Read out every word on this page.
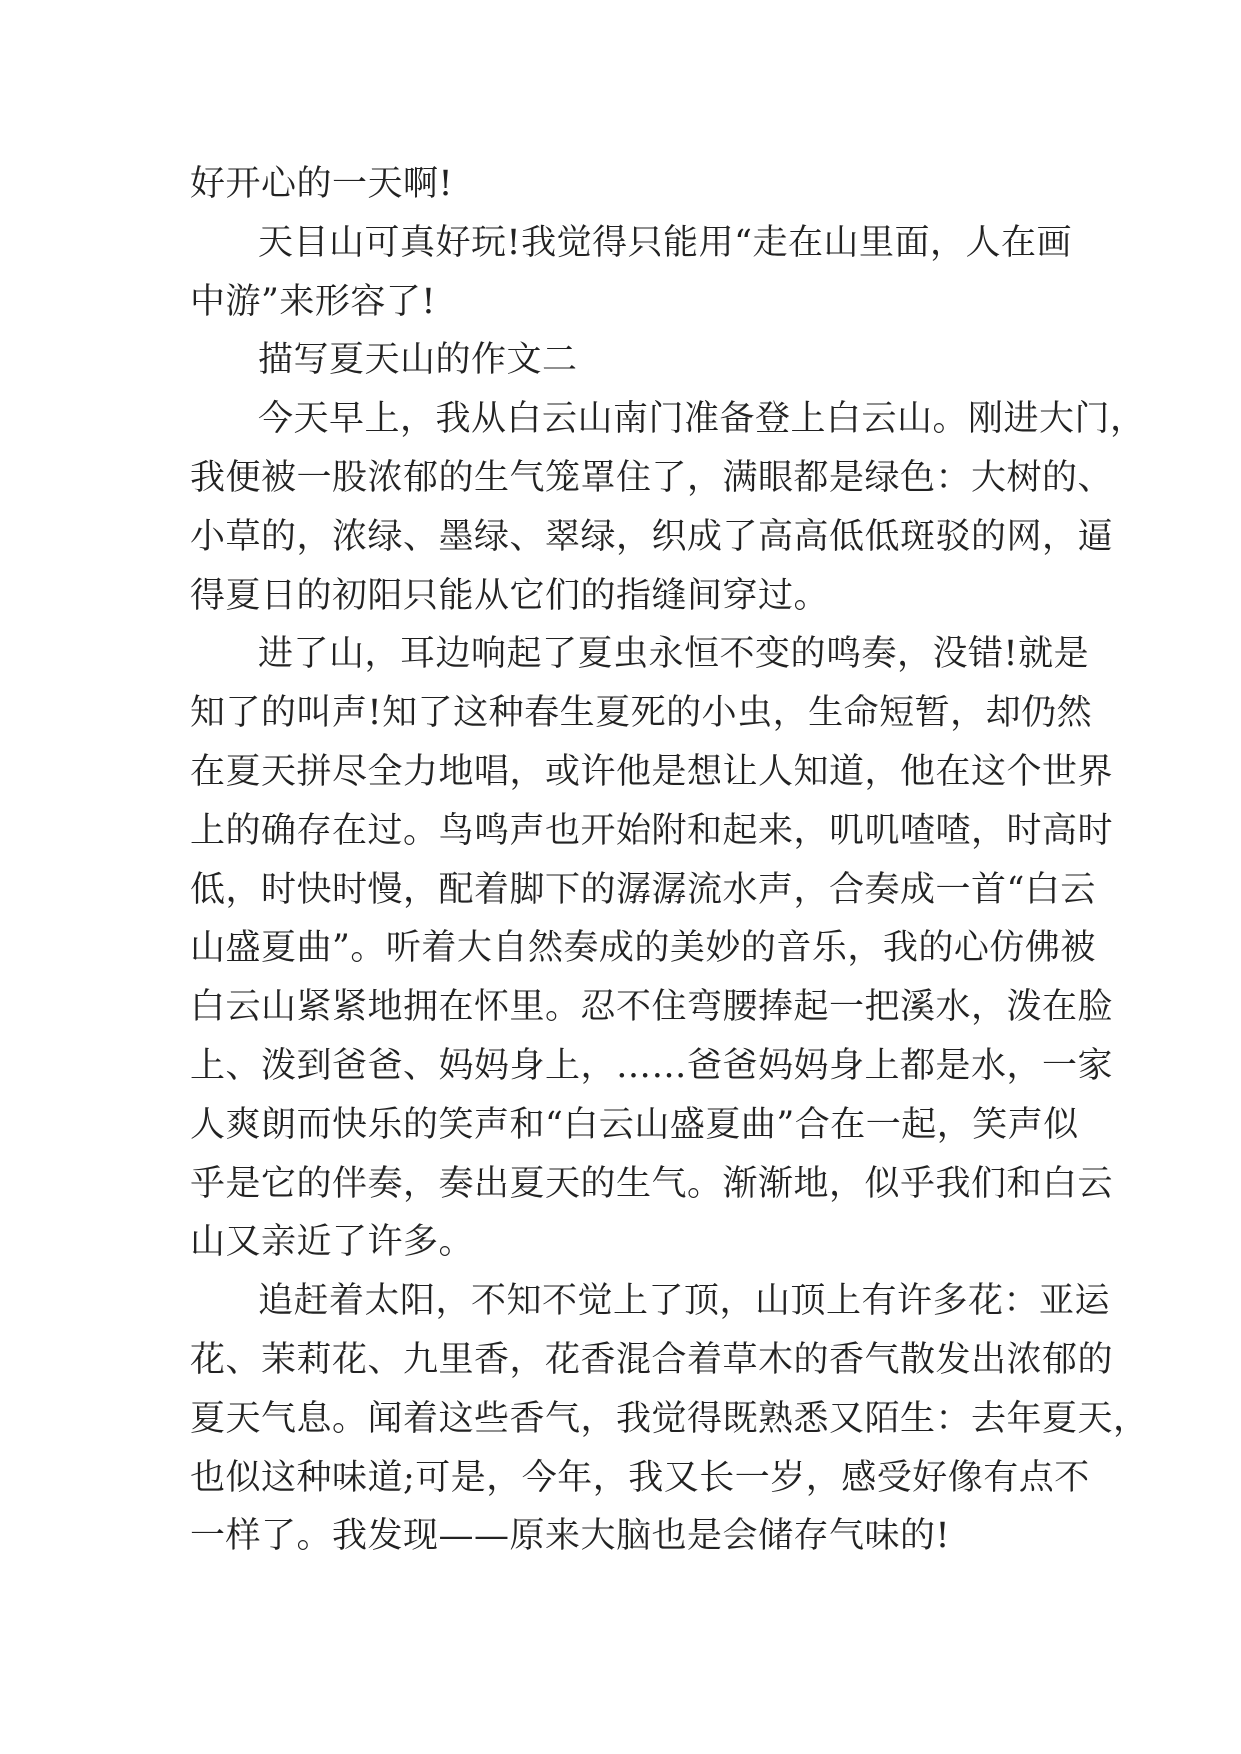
好开心的一天啊!
天目山可真好玩!我觉得只能用“走在山里面，人在画
中游”来形容了!
描写夏天山的作文二
今天早上，我从白云山南门准备登上白云山。刚进大门，
我便被一股浓郁的生气笼罩住了，满眼都是绿色：大树的、
小草的，浓绿、墨绿、翠绿，织成了高高低低斑驳的网，逼
得夏日的初阳只能从它们的指缝间穿过。
进了山，耳边响起了夏虫永恒不变的鸣奏，没错!就是
知了的叫声!知了这种春生夏死的小虫，生命短暂，却仍然
在夏天拼尽全力地唱，或许他是想让人知道，他在这个世界
上的确存在过。鸟鸣声也开始附和起来，叽叽喳喳，时高时
低，时快时慢，配着脚下的潺潺流水声，合奏成一首“白云
山盛夏曲”。听着大自然奏成的美妙的音乐，我的心仿佛被
白云山紧紧地拥在怀里。忍不住弯腰捧起一把溪水，泼在脸
上、泼到爸爸、妈妈身上，……爸爸妈妈身上都是水，一家
人爽朗而快乐的笑声和“白云山盛夏曲”合在一起，笑声似
乎是它的伴奏，奏出夏天的生气。渐渐地，似乎我们和白云
山又亲近了许多。
追赶着太阳，不知不觉上了顶，山顶上有许多花：亚运
花、茉莉花、九里香，花香混合着草木的香气散发出浓郁的
夏天气息。闻着这些香气，我觉得既熟悉又陌生：去年夏天，
也似这种味道;可是，今年，我又长一岁，感受好像有点不
一样了。我发现——原来大脑也是会储存气味的!
